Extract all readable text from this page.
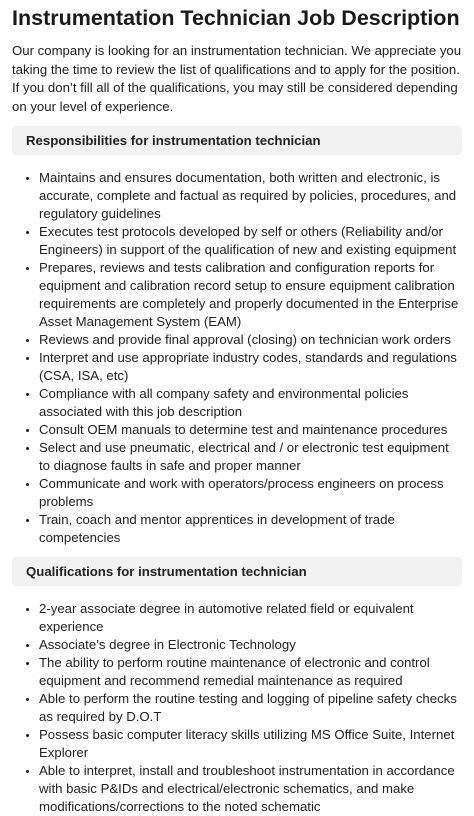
Instrumentation Technician Job Description

Our company is looking for an instrumentation technician. We appreciate you taking the time to review the list of qualifications and to apply for the position. If you don’t fill all of the qualifications, you may still be considered depending on your level of experience.

Responsibilities for instrumentation technician
• Maintains and ensures documentation, both written and electronic, is accurate, complete and factual as required by policies, procedures, and regulatory guidelines
• Executes test protocols developed by self or others (Reliability and/or Engineers) in support of the qualification of new and existing equipment
• Prepares, reviews and tests calibration and configuration reports for equipment and calibration record setup to ensure equipment calibration requirements are completely and properly documented in the Enterprise Asset Management System (EAM)
• Reviews and provide final approval (closing) on technician work orders
• Interpret and use appropriate industry codes, standards and regulations (CSA, ISA, etc)
• Compliance with all company safety and environmental policies associated with this job description
• Consult OEM manuals to determine test and maintenance procedures
• Select and use pneumatic, electrical and / or electronic test equipment to diagnose faults in safe and proper manner
• Communicate and work with operators/process engineers on process problems
• Train, coach and mentor apprentices in development of trade competencies
Qualifications for instrumentation technician
• 2-year associate degree in automotive related field or equivalent experience
• Associate’s degree in Electronic Technology
• The ability to perform routine maintenance of electronic and control equipment and recommend remedial maintenance as required
• Able to perform the routine testing and logging of pipeline safety checks as required by D.O.T
• Possess basic computer literacy skills utilizing MS Office Suite, Internet Explorer
• Able to interpret, install and troubleshoot instrumentation in accordance with basic P&IDs and electrical/electronic schematics, and make modifications/corrections to the noted schematic
